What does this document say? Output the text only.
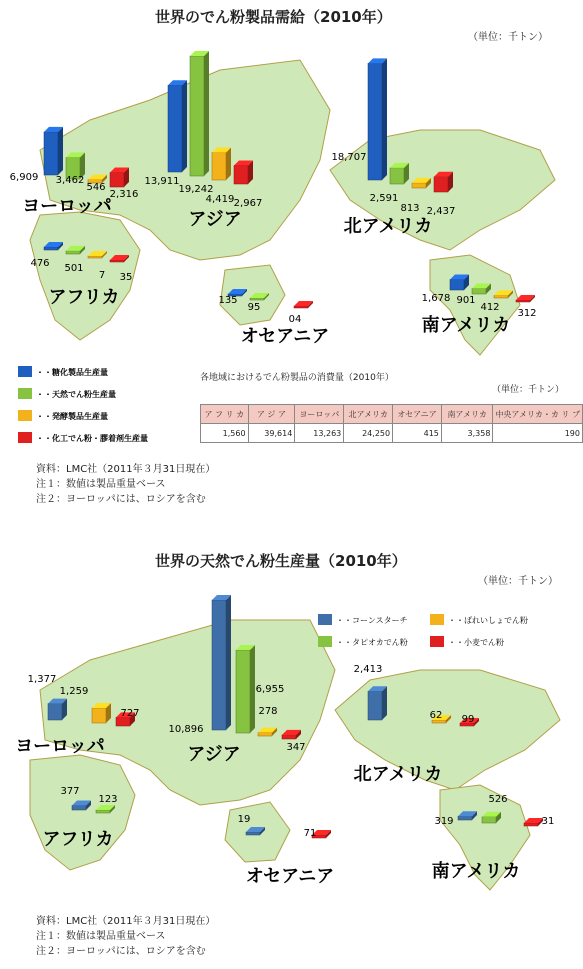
世界のでん粉製品需給（2010年）
（単位：千トン）
6,909 3,462
546
2,316
13,911
19,242
4,419 2,967
18,707
2,591
813 2,437
476 501
7 35
135
95
04
1,678 901
412
312
ヨーロッパ
アジア	北アメリカ
アフリカ
オセアニア
南アメリカ
・・糖化製品生産量
・・天然でん粉生産量
・・発酵製品生産量
・・化工でん粉・膠着剤生産量
各地域におけるでん粉製品の消費量（2010年）
（単位：千トン）
ア フ リ カ	ア ジ ア	ヨーロッパ	北アメリカ	オセアニア	南アメリカ	中央アメリカ・カ リ ブ
1,560	39,614	13,263	24,250	415	3,358	190
資料：LMC社（2011年３月31日現在）
注１：数値は製品重量ベース
注２：ヨーロッパには、ロシアを含む
世界の天然でん粉生産量（2010年）
（単位：千トン）
1,377
1,259
727
10,896
6,955
278
347
2,413
62 99
377
123
19
71
319
526
31
ヨーロッパ	アジア
北アメリカ
アフリカ
オセアニア	南アメリカ
・・コーンスターチ	・・ばれいしょでん粉
・・タピオカでん粉	・・小麦でん粉
資料：LMC社（2011年３月31日現在）
注１：数値は製品重量ベース
注２：ヨーロッパには、ロシアを含む
